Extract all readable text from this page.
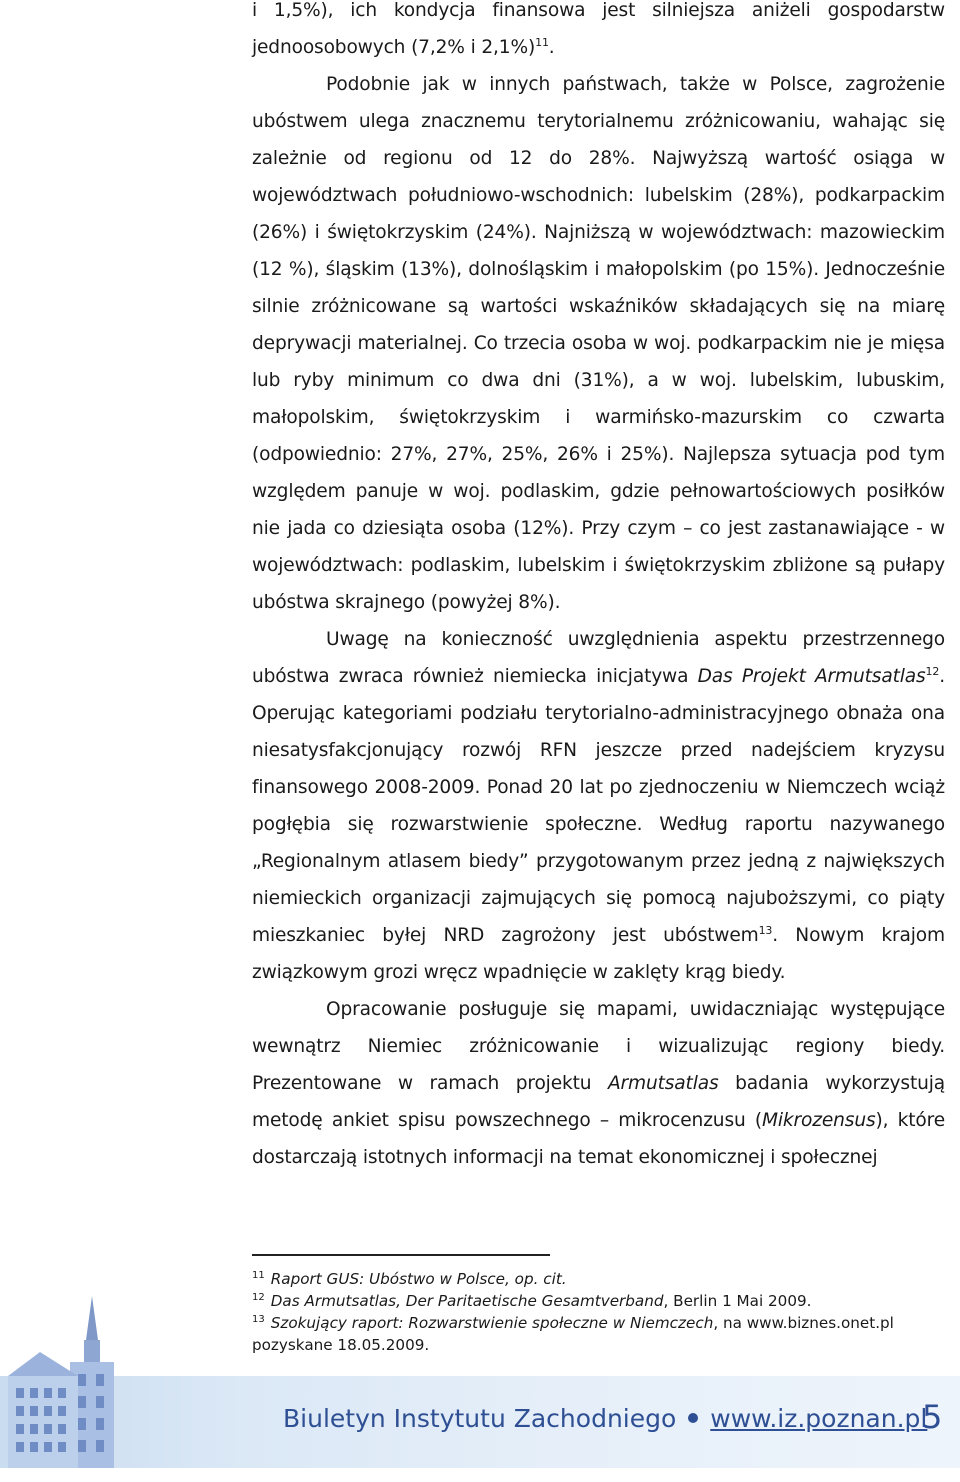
i 1,5%), ich kondycja finansowa jest silniejsza aniżeli gospodarstw jednoosobowych (7,2% i 2,1%)$^{11}$.

Podobnie jak w innych państwach, także w Polsce, zagrożenie ubóstwem ulega znacznemu terytorialnemu zróżnicowaniu, wahając się zależnie od regionu od 12 do 28%. Najwyższą wartość osiąga w województwach południowo-wschodnich: lubelskim (28%), podkarpackim (26%) i świętokrzyskim (24%). Najniższą w województwach: mazowieckim (12 %), śląskim (13%), dolnośląskim i małopolskim (po 15%). Jednocześnie silnie zróżnicowane są wartości wskaźników składających się na miarę deprywacji materialnej. Co trzecia osoba w woj. podkarpackim nie je mięsa lub ryby minimum co dwa dni (31%), a w woj. lubelskim, lubuskim, małopolskim, świętokrzyskim i warmińsko-mazurskim co czwarta (odpowiednio: 27%, 27%, 25%, 26% i 25%). Najlepsza sytuacja pod tym względem panuje w woj. podlaskim, gdzie pełnowartościowych posiłków nie jada co dziesiąta osoba (12%). Przy czym – co jest zastanawiające - w województwach: podlaskim, lubelskim i świętokrzyskim zbliżone są pułapy ubóstwa skrajnego (powyżej 8%).

Uwagę na konieczność uwzględnienia aspektu przestrzennego ubóstwa zwraca również niemiecka inicjatywa Das Projekt Armutsatlas$^{12}$. Operując kategoriami podziału terytorialno-administracyjnego obnaża ona niesatysfakcjonujący rozwój RFN jeszcze przed nadejściem kryzysu finansowego 2008-2009. Ponad 20 lat po zjednoczeniu w Niemczech wciąż pogłębia się rozwarstwienie społeczne. Według raportu nazywanego „Regionalnym atlasem biedy” przygotowanym przez jedną z największych niemieckich organizacji zajmujących się pomocą najuboższymi, co piąty mieszkaniec byłej NRD zagrożony jest ubóstwem$^{13}$. Nowym krajom związkowym grozi wręcz wpadnięcie w zaklęty krąg biedy.

Opracowanie posługuje się mapami, uwidaczniając występujące wewnątrz Niemiec zróżnicowanie i wizualizując regiony biedy. Prezentowane w ramach projektu Armutsatlas badania wykorzystują metodę ankiet spisu powszechnego – mikrocenzusu (Mikrozensus), które dostarczają istotnych informacji na temat ekonomicznej i społecznej

$^{11}$ Raport GUS: Ubóstwo w Polsce, op. cit.

$^{12}$ Das Armutsatlas, Der Paritaetische Gesamtverband, Berlin 1 Mai 2009.

$^{13}$ Szokujący raport: Rozwarstwienie społeczne w Niemczech, na www.biznes.onet.pl pozyskane 18.05.2009.

Biuletyn Instytutu Zachodniego www.iz.poznan.pl
5
